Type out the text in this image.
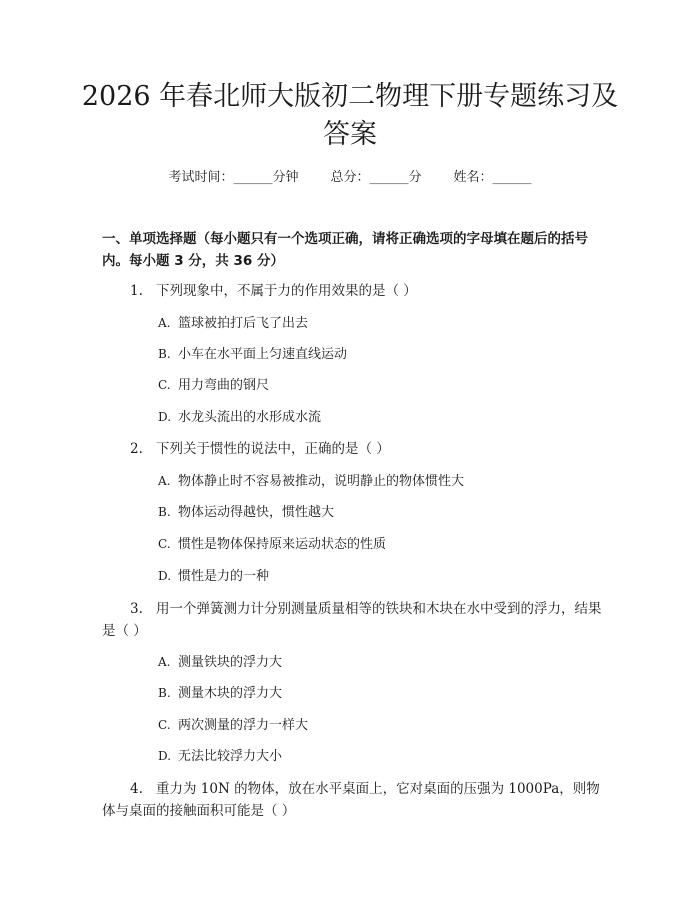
2026 年春北师大版初二物理下册专题练习及答案
考试时间：______分钟 总分：______分 姓名：______
一、单项选择题（每小题只有一个选项正确，请将正确选项的字母填在题后的括号内。每小题 3 分，共 36 分）
1. 下列现象中，不属于力的作用效果的是（ ）
A. 篮球被拍打后飞了出去
B. 小车在水平面上匀速直线运动
C. 用力弯曲的钢尺
D. 水龙头流出的水形成水流
2. 下列关于惯性的说法中，正确的是（ ）
A. 物体静止时不容易被推动，说明静止的物体惯性大
B. 物体运动得越快，惯性越大
C. 惯性是物体保持原来运动状态的性质
D. 惯性是力的一种
3. 用一个弹簧测力计分别测量质量相等的铁块和木块在水中受到的浮力，结果是（ ）
A. 测量铁块的浮力大
B. 测量木块的浮力大
C. 两次测量的浮力一样大
D. 无法比较浮力大小
4. 重力为 10N 的物体，放在水平桌面上，它对桌面的压强为 1000Pa，则物体与桌面的接触面积可能是（ ）
